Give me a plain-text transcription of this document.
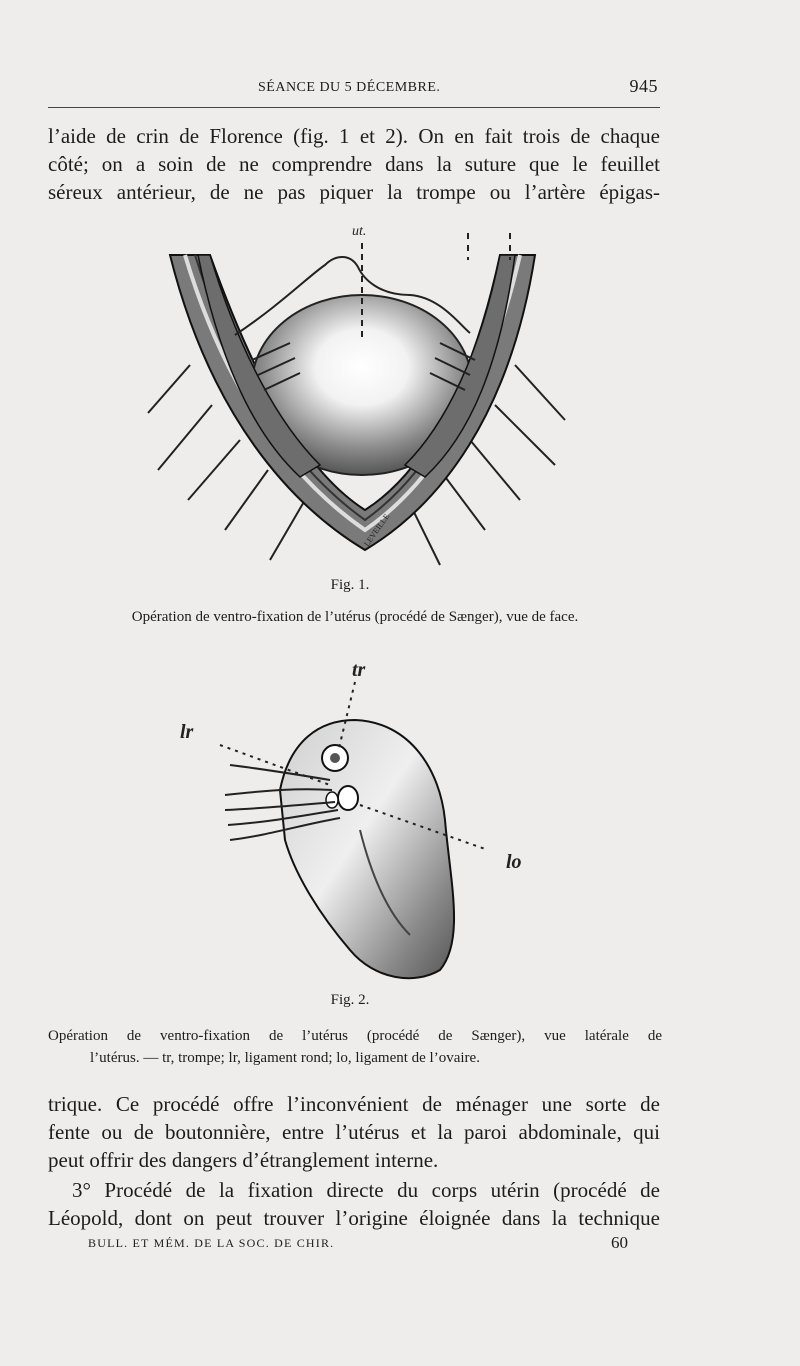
SÉANCE DU 5 DÉCEMBRE.	945
l’aide de crin de Florence (fig. 1 et 2). On en fait trois de chaque
côté; on a soin de ne comprendre dans la suture que le feuillet
séreux antérieur, de ne pas piquer la trompe ou l’artère épigas-
ut.
LEVEILLE
Fig. 1.
Opération de ventro-fixation de l’utérus (procédé de Sænger), vue de face.
tr
lr
lo
Fig. 2.
Opération de ventro-fixation de l’utérus (procédé de Sænger), vue latérale de
l’utérus. — tr, trompe; lr, ligament rond; lo, ligament de l’ovaire.
trique. Ce procédé offre l’inconvénient de ménager une sorte de
fente ou de boutonnière, entre l’utérus et la paroi abdominale, qui
peut offrir des dangers d’étranglement interne.
3° Procédé de la fixation directe du corps utérin (procédé de
Léopold, dont on peut trouver l’origine éloignée dans la technique
BULL. ET MÉM. DE LA SOC. DE CHIR.	60
